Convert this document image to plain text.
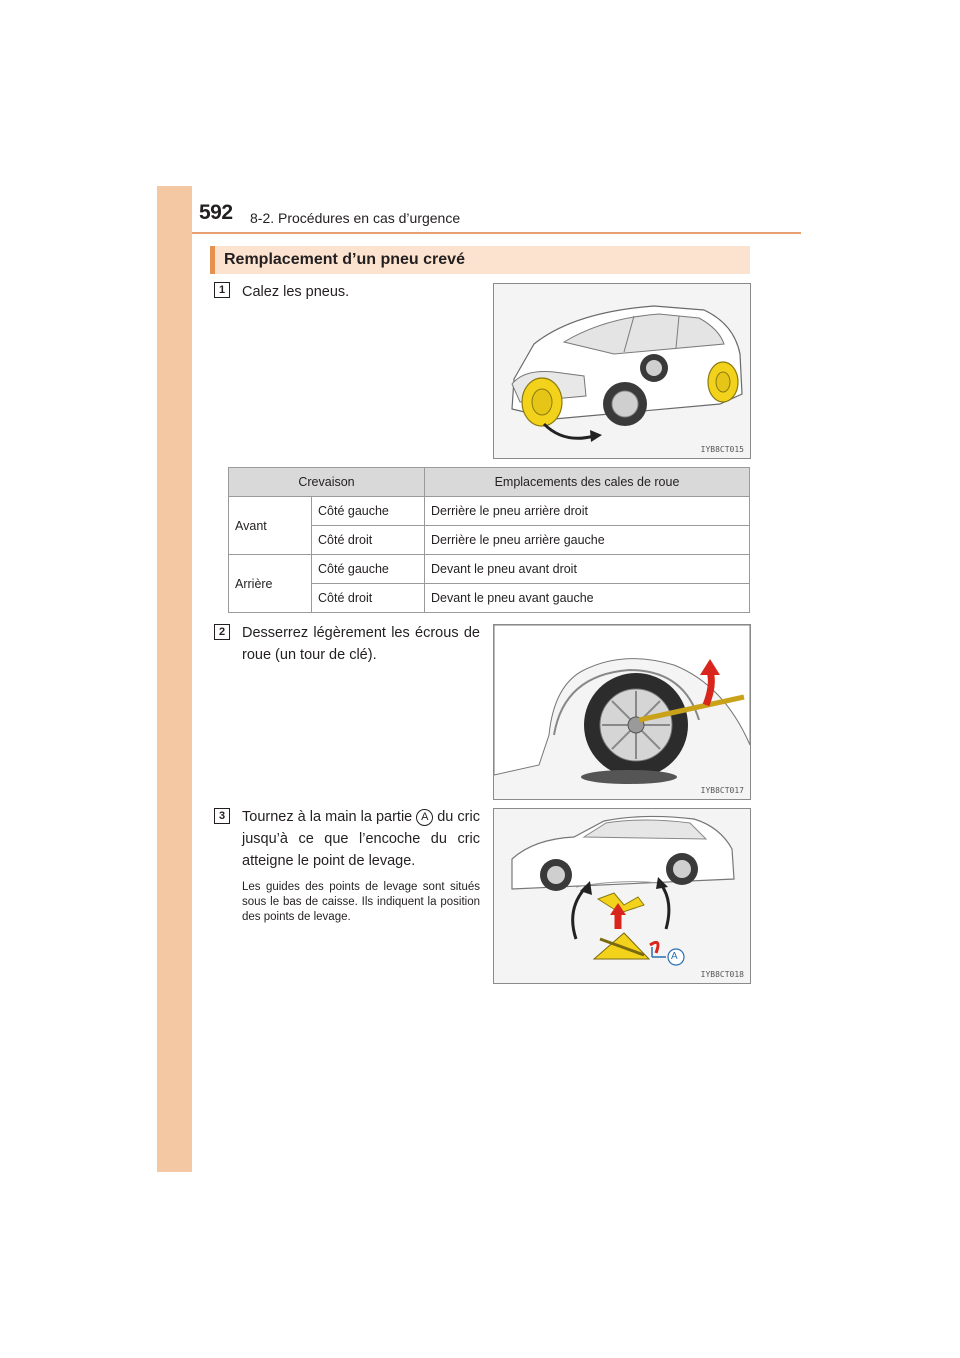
592 8-2. Procédures en cas d’urgence
Remplacement d’un pneu crevé
1	Calez les pneus.
IYB8CT015
Crevaison		Emplacements des cales de roue
Avant	Côté gauche	Derrière le pneu arrière droit
	Côté droit	Derrière le pneu arrière gauche
Arrière	Côté gauche	Devant le pneu avant droit
	Côté droit	Devant le pneu avant gauche
2	Desserrez légèrement les écrous de roue (un tour de clé).
IYB8CT017
3	Tournez à la main la partie A du cric jusqu’à ce que l’encoche du cric atteigne le point de levage.
Les guides des points de levage sont situés sous le bas de caisse. Ils indiquent la position des points de levage.
A
IYB8CT018
